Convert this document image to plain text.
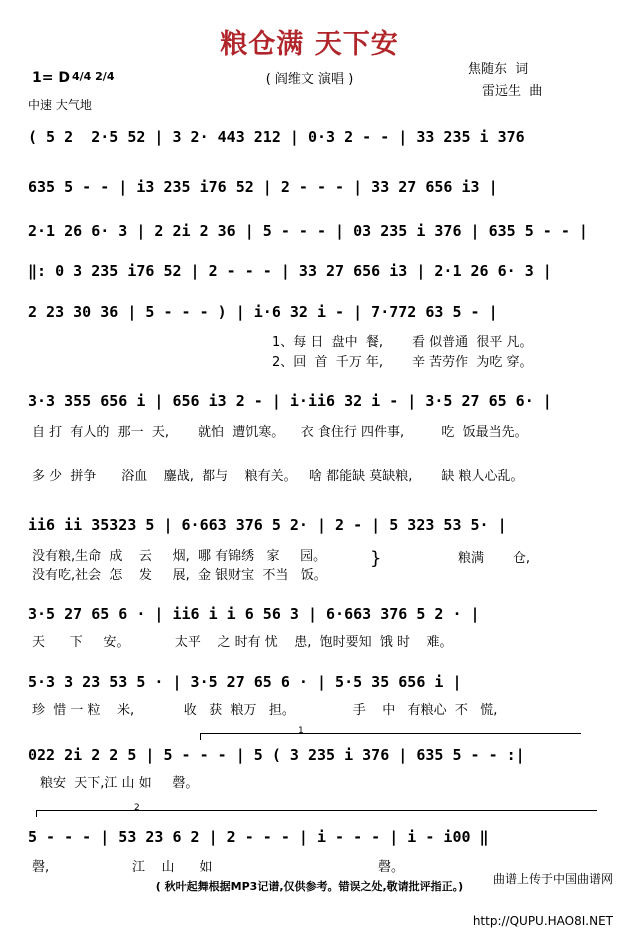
粮仓满 天下安
( 阎维文 演唱 )
焦随东  词
雷远生  曲
1= D 4/4 2/4
中速 大气地
( 5 2  2·5 52 | 3 2· 443 212 | 0·3 2 - - | 33 235 i 376
635 5 - - | i3 235 i76 52 | 2 - - - | 33 27 656 i3 |
2·1 26 6· 3 | 2 2i 2 36 | 5 - - - | 03 235 i 376 | 635 5 - - |
‖: 0 3 235 i76 52 | 2 - - - | 33 27 656 i3 | 2·1 26 6· 3 |
2 23 30 36 | 5 - - - ) | i·6 32 i - | 7·772 63 5 - |
1、每 日  盘中  餐,       看 似普通  很平 凡。
2、回  首  千万 年,       辛 苦劳作  为吃 穿。
3·3 355 656 i | 656 i3 2 - | i·ii6 32 i - | 3·5 27 65 6· |
自 打  有人的  那一  天,       就怕  遭饥寒。    衣 食住行 四件事,         吃  饭最当先。
多 少  拼争      浴血    鏖战,  都与    粮有关。   啥 都能缺 莫缺粮,       缺 粮人心乱。
ii6 ii 35323 5 | 6·663 376 5 2· | 2 - | 5 323 53 5· |
没有粮,生命  成    云     烟,  哪 有锦绣   家     园。
没有吃,社会  怎    发     展,  金 银财宝  不当   饭。
}	粮满       仓,
3·5 27 65 6 · | ii6 i i 6 56 3 | 6·663 376 5 2 · |
天      下     安。           太平    之 时有 忧    患,  饱时要知  饿 时    难。
5·3 3 23 53 5 · | 3·5 27 65 6 · | 5·5 35 656 i |
珍  惜 一 粒    米,            收   获  粮万   担。              手    中   有粮心  不   慌,
1
022 2i 2 2 5 | 5 - - - | 5 ( 3 235 i 376 | 635 5 - - :|
粮安  天下,江 山 如     磬。
2
5 - - - | 53 23 6 2 | 2 - - - | i - - - | i - i00 ‖
磬,	江    山      如	磬。
( 秋叶起舞根据MP3记谱,仅供参考。错误之处,敬请批评指正。)

曲谱上传于中国曲谱网

http://QUPU.HAO8I.NET
